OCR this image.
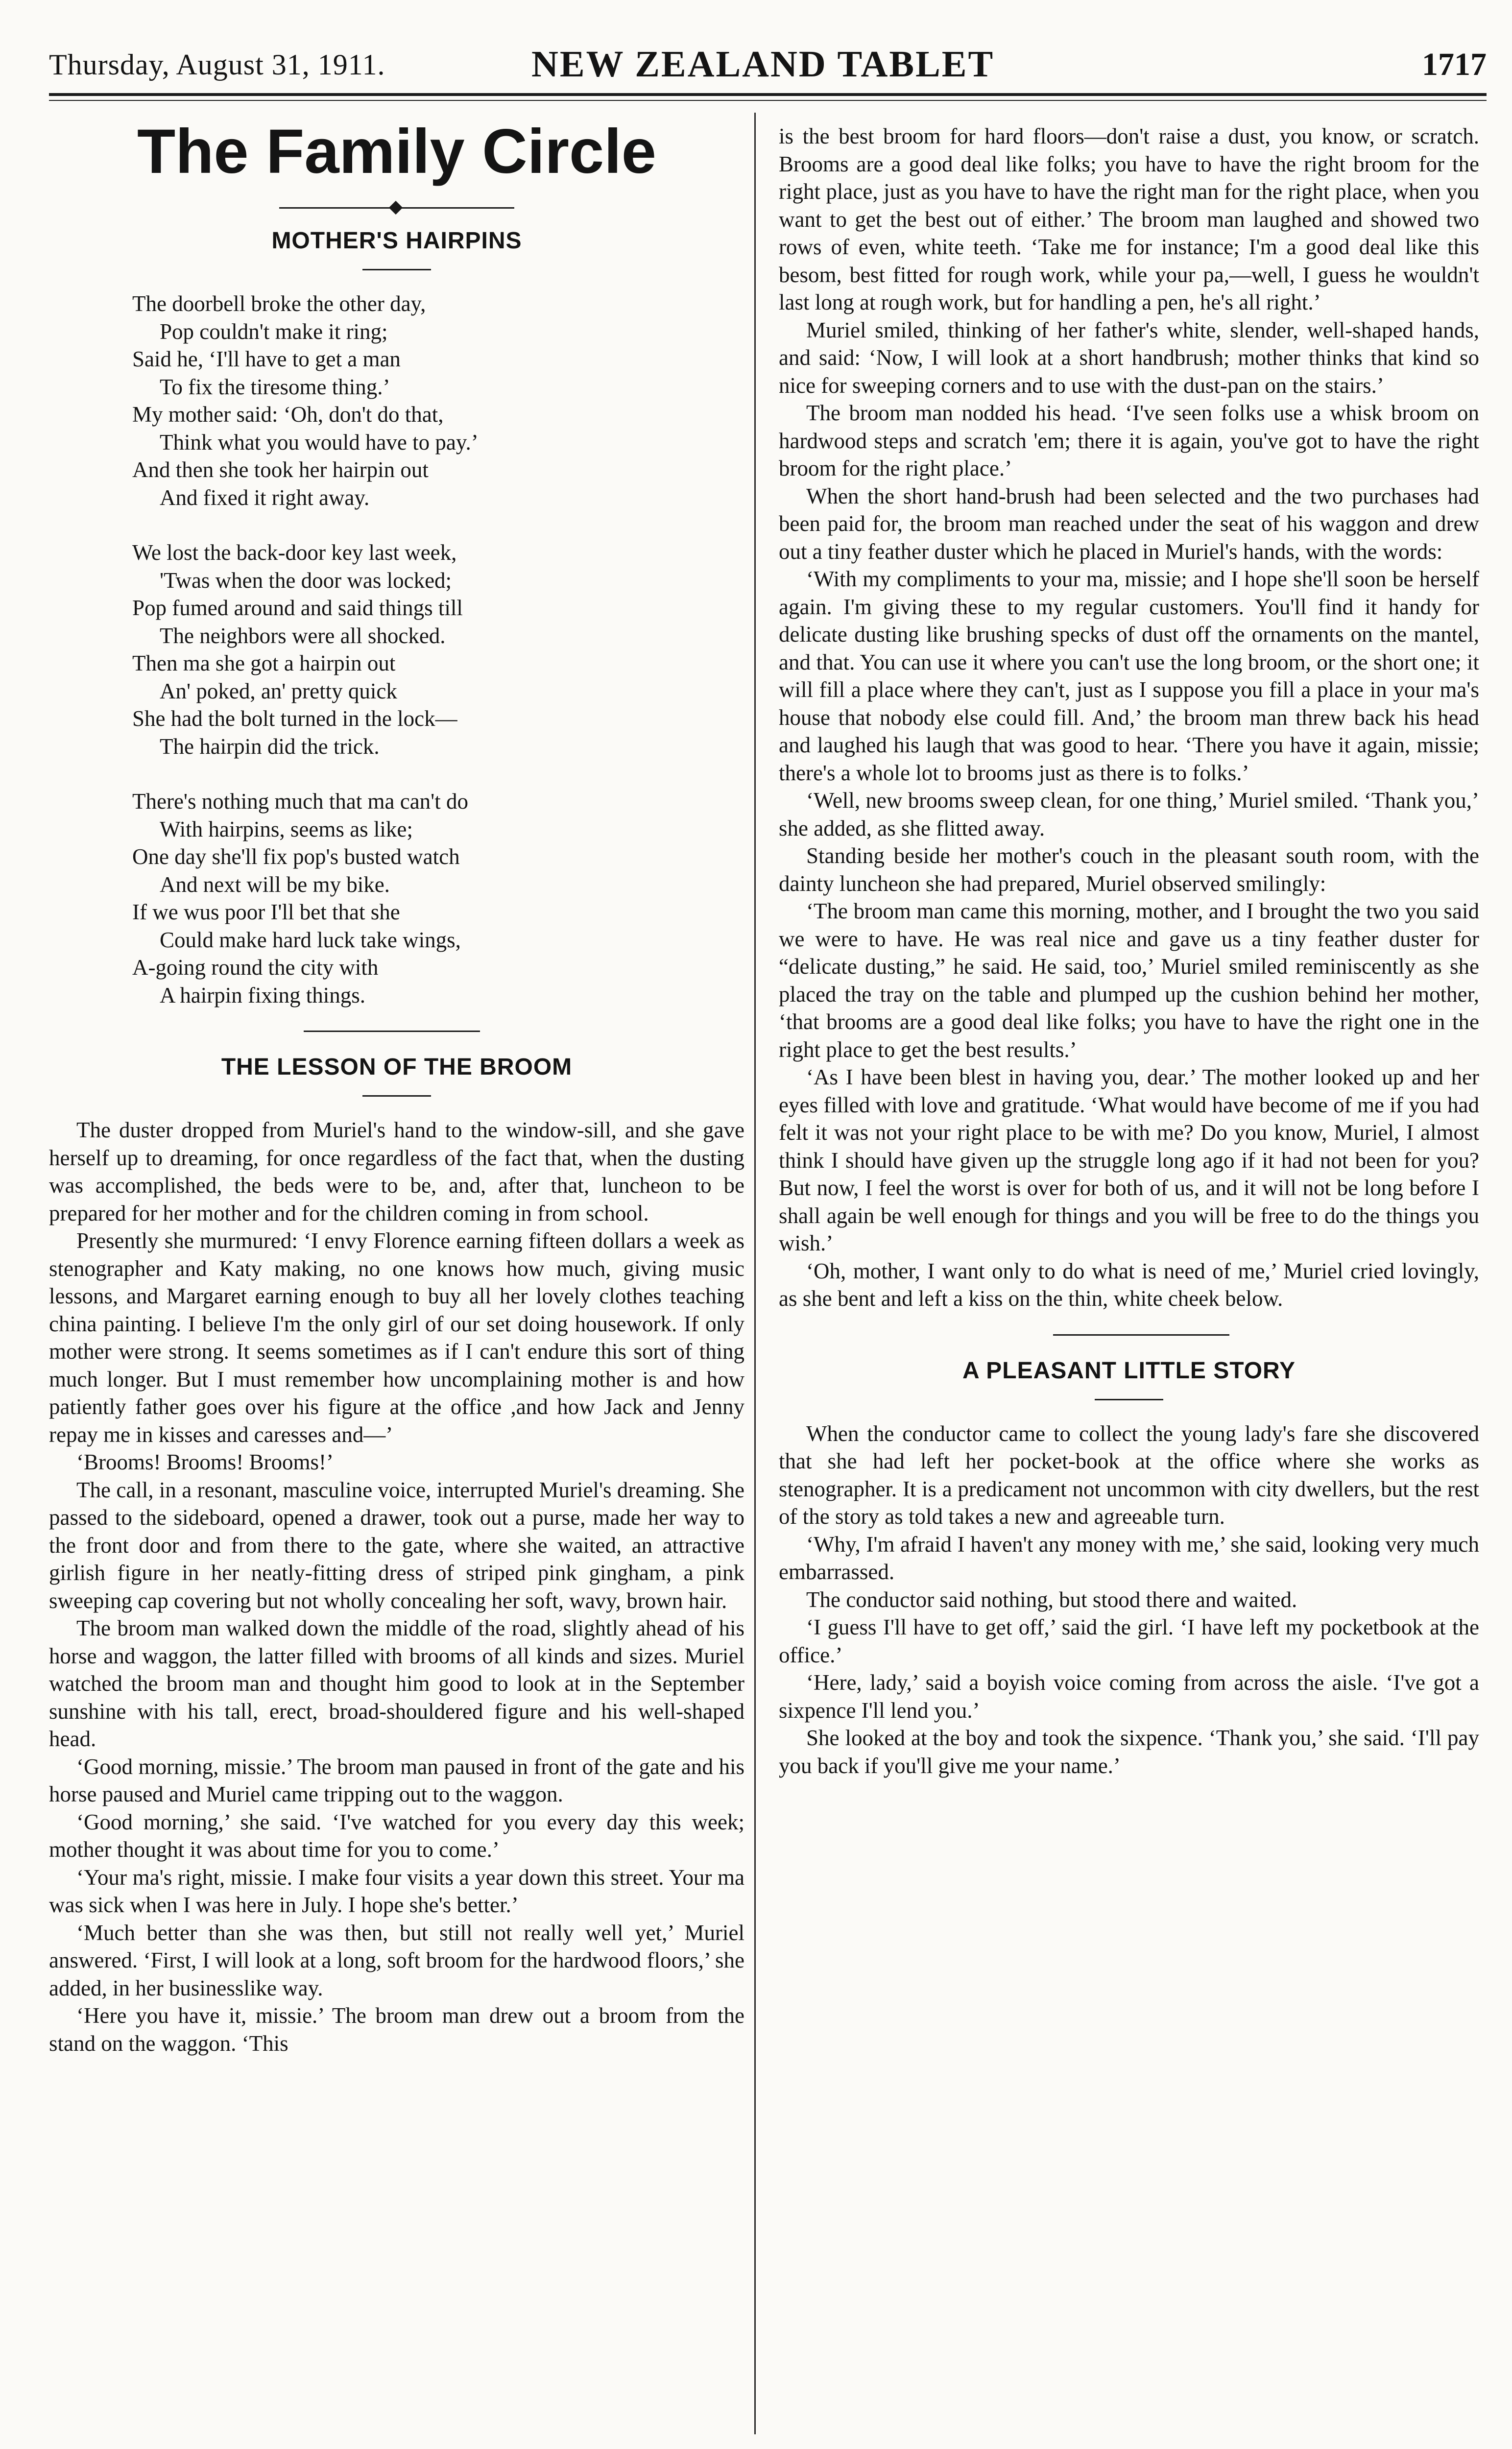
Thursday, August 31, 1911.	NEW ZEALAND TABLET	1717
The Family Circle
MOTHER'S HAIRPINS
The doorbell broke the other day,
Pop couldn't make it ring;
Said he, ‘I'll have to get a man
To fix the tiresome thing.’
My mother said: ‘Oh, don't do that,
Think what you would have to pay.’
And then she took her hairpin out
And fixed it right away.
We lost the back-door key last week,
'Twas when the door was locked;
Pop fumed around and said things till
The neighbors were all shocked.
Then ma she got a hairpin out
An' poked, an' pretty quick
She had the bolt turned in the lock—
The hairpin did the trick.
There's nothing much that ma can't do
With hairpins, seems as like;
One day she'll fix pop's busted watch
And next will be my bike.
If we wus poor I'll bet that she
Could make hard luck take wings,
A-going round the city with
A hairpin fixing things.
THE LESSON OF THE BROOM

The duster dropped from Muriel's hand to the window-sill, and she gave herself up to dreaming, for once regardless of the fact that, when the dusting was accomplished, the beds were to be, and, after that, luncheon to be prepared for her mother and for the children coming in from school.

Presently she murmured: ‘I envy Florence earning fifteen dollars a week as stenographer and Katy making, no one knows how much, giving music lessons, and Margaret earning enough to buy all her lovely clothes teaching china painting. I believe I'm the only girl of our set doing housework. If only mother were strong. It seems sometimes as if I can't endure this sort of thing much longer. But I must remember how uncomplaining mother is and how patiently father goes over his figure at the office ,and how Jack and Jenny repay me in kisses and caresses and—’

‘Brooms! Brooms! Brooms!’

The call, in a resonant, masculine voice, interrupted Muriel's dreaming. She passed to the sideboard, opened a drawer, took out a purse, made her way to the front door and from there to the gate, where she waited, an attractive girlish figure in her neatly-fitting dress of striped pink gingham, a pink sweeping cap covering but not wholly concealing her soft, wavy, brown hair.

The broom man walked down the middle of the road, slightly ahead of his horse and waggon, the latter filled with brooms of all kinds and sizes. Muriel watched the broom man and thought him good to look at in the September sunshine with his tall, erect, broad-shouldered figure and his well-shaped head.

‘Good morning, missie.’ The broom man paused in front of the gate and his horse paused and Muriel came tripping out to the waggon.

‘Good morning,’ she said. ‘I've watched for you every day this week; mother thought it was about time for you to come.’

‘Your ma's right, missie. I make four visits a year down this street. Your ma was sick when I was here in July. I hope she's better.’

‘Much better than she was then, but still not really well yet,’ Muriel answered. ‘First, I will look at a long, soft broom for the hardwood floors,’ she added, in her businesslike way.

‘Here you have it, missie.’ The broom man drew out a broom from the stand on the waggon. ‘This

is the best broom for hard floors—don't raise a dust, you know, or scratch. Brooms are a good deal like folks; you have to have the right broom for the right place, just as you have to have the right man for the right place, when you want to get the best out of either.’ The broom man laughed and showed two rows of even, white teeth. ‘Take me for instance; I'm a good deal like this besom, best fitted for rough work, while your pa,—well, I guess he wouldn't last long at rough work, but for handling a pen, he's all right.’

Muriel smiled, thinking of her father's white, slender, well-shaped hands, and said: ‘Now, I will look at a short handbrush; mother thinks that kind so nice for sweeping corners and to use with the dust-pan on the stairs.’

The broom man nodded his head. ‘I've seen folks use a whisk broom on hardwood steps and scratch 'em; there it is again, you've got to have the right broom for the right place.’

When the short hand-brush had been selected and the two purchases had been paid for, the broom man reached under the seat of his waggon and drew out a tiny feather duster which he placed in Muriel's hands, with the words:

‘With my compliments to your ma, missie; and I hope she'll soon be herself again. I'm giving these to my regular customers. You'll find it handy for delicate dusting like brushing specks of dust off the ornaments on the mantel, and that. You can use it where you can't use the long broom, or the short one; it will fill a place where they can't, just as I suppose you fill a place in your ma's house that nobody else could fill. And,’ the broom man threw back his head and laughed his laugh that was good to hear. ‘There you have it again, missie; there's a whole lot to brooms just as there is to folks.’

‘Well, new brooms sweep clean, for one thing,’ Muriel smiled. ‘Thank you,’ she added, as she flitted away.

Standing beside her mother's couch in the pleasant south room, with the dainty luncheon she had prepared, Muriel observed smilingly:

‘The broom man came this morning, mother, and I brought the two you said we were to have. He was real nice and gave us a tiny feather duster for “delicate dusting,” he said. He said, too,’ Muriel smiled reminiscently as she placed the tray on the table and plumped up the cushion behind her mother, ‘that brooms are a good deal like folks; you have to have the right one in the right place to get the best results.’

‘As I have been blest in having you, dear.’ The mother looked up and her eyes filled with love and gratitude. ‘What would have become of me if you had felt it was not your right place to be with me? Do you know, Muriel, I almost think I should have given up the struggle long ago if it had not been for you? But now, I feel the worst is over for both of us, and it will not be long before I shall again be well enough for things and you will be free to do the things you wish.’

‘Oh, mother, I want only to do what is need of me,’ Muriel cried lovingly, as she bent and left a kiss on the thin, white cheek below.

A PLEASANT LITTLE STORY

When the conductor came to collect the young lady's fare she discovered that she had left her pocket-book at the office where she works as stenographer. It is a predicament not uncommon with city dwellers, but the rest of the story as told takes a new and agreeable turn.

‘Why, I'm afraid I haven't any money with me,’ she said, looking very much embarrassed.

The conductor said nothing, but stood there and waited.

‘I guess I'll have to get off,’ said the girl. ‘I have left my pocketbook at the office.’

‘Here, lady,’ said a boyish voice coming from across the aisle. ‘I've got a sixpence I'll lend you.’

She looked at the boy and took the sixpence. ‘Thank you,’ she said. ‘I'll pay you back if you'll give me your name.’
